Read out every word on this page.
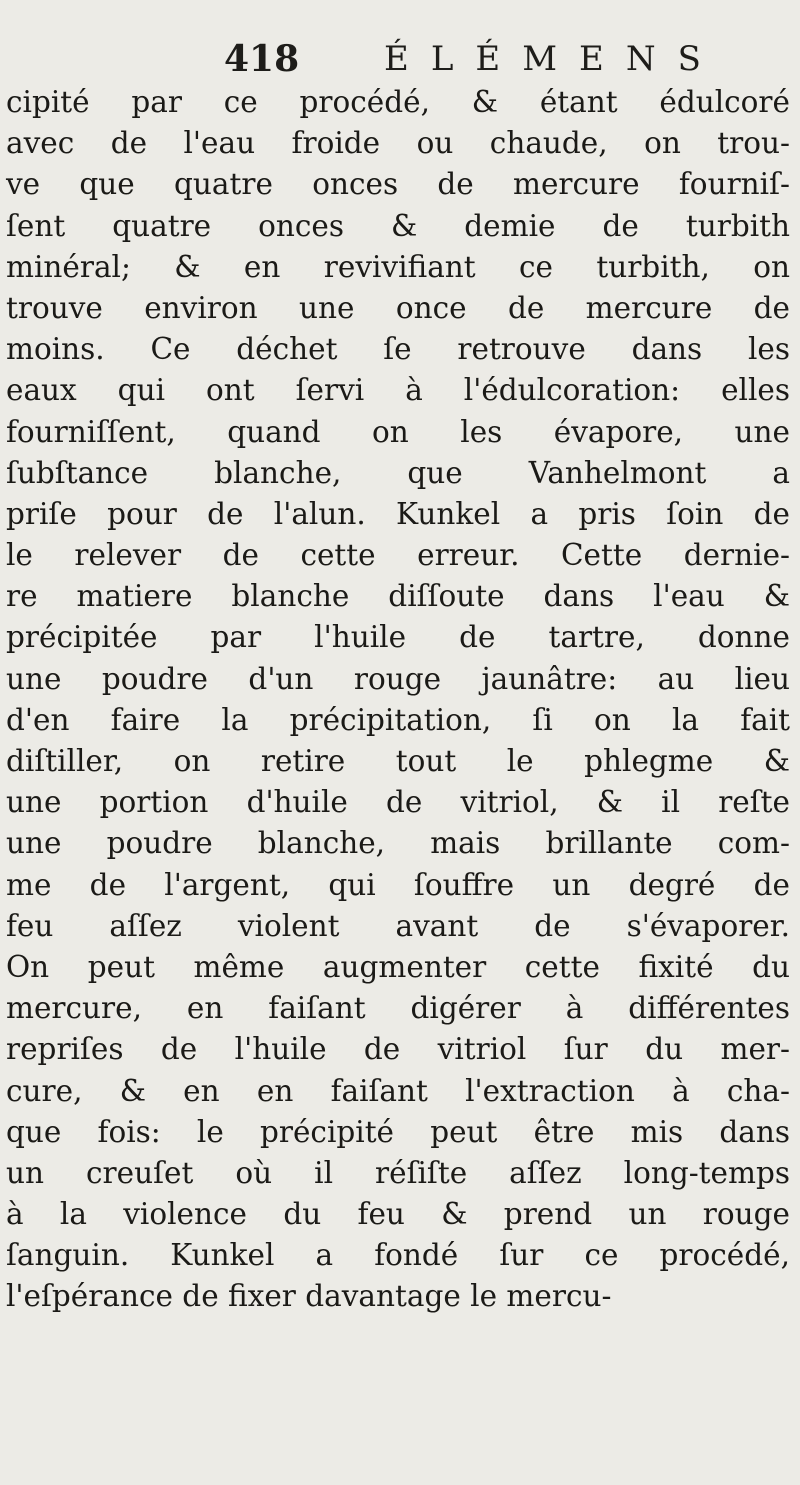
418 ÉLÉMENS
cipité par ce procédé, & étant édulcoré
avec de l'eau froide ou chaude, on trou-
ve que quatre onces de mercure fourniſ-
ſent quatre onces & demie de turbith
minéral; & en revivifiant ce turbith, on
trouve environ une once de mercure de
moins. Ce déchet ſe retrouve dans les
eaux qui ont ſervi à l'édulcoration: elles
fourniſſent, quand on les évapore, une
ſubſtance blanche, que Vanhelmont a
priſe pour de l'alun. Kunkel a pris ſoin de
le relever de cette erreur. Cette dernie-
re matiere blanche diſſoute dans l'eau &
précipitée par l'huile de tartre, donne
une poudre d'un rouge jaunâtre: au lieu
d'en faire la précipitation, ſi on la fait
diſtiller, on retire tout le phlegme &
une portion d'huile de vitriol, & il reſte
une poudre blanche, mais brillante com-
me de l'argent, qui ſouffre un degré de
feu aſſez violent avant de s'évaporer.
On peut même augmenter cette fixité du
mercure, en faiſant digérer à différentes
repriſes de l'huile de vitriol ſur du mer-
cure, & en en faiſant l'extraction à cha-
que fois: le précipité peut être mis dans
un creuſet où il réſiſte aſſez long-temps
à la violence du feu & prend un rouge
ſanguin. Kunkel a fondé ſur ce procédé,
l'eſpérance de fixer davantage le mercu-
